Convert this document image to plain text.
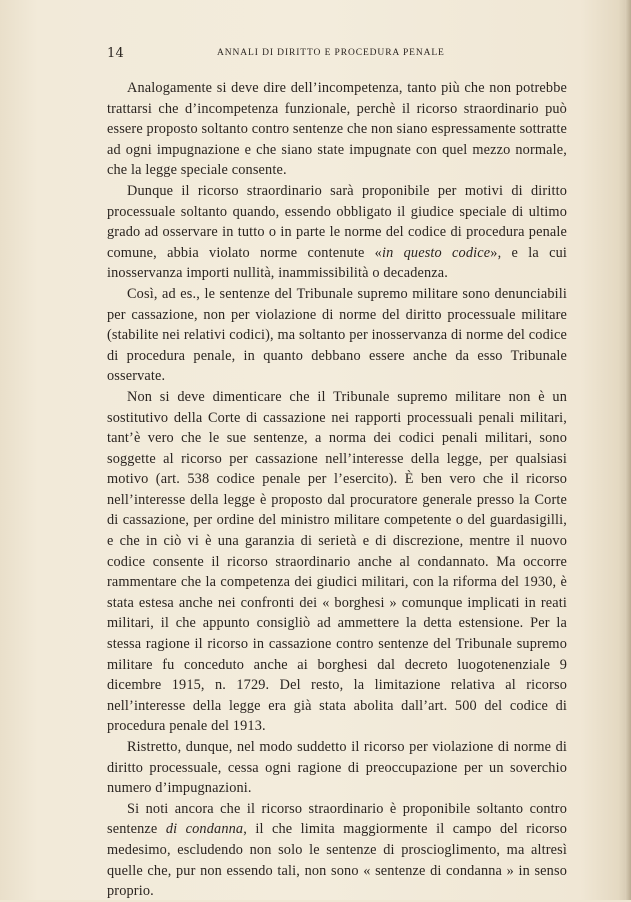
14	ANNALI DI DIRITTO E PROCEDURA PENALE

Analogamente si deve dire dell’incompetenza, tanto più che non potrebbe trattarsi che d’incompetenza funzionale, perchè il ricorso straordinario può essere proposto soltanto contro sentenze che non siano espressamente sottratte ad ogni impugnazione e che siano state impugnate con quel mezzo normale, che la legge speciale consente.

Dunque il ricorso straordinario sarà proponibile per motivi di diritto processuale soltanto quando, essendo obbligato il giudice speciale di ultimo grado ad osservare in tutto o in parte le norme del codice di procedura penale comune, abbia violato norme contenute «in questo codice», e la cui inosservanza importi nullità, inammissibilità o decadenza.

Così, ad es., le sentenze del Tribunale supremo militare sono denunciabili per cassazione, non per violazione di norme del diritto processuale militare (stabilite nei relativi codici), ma soltanto per inosservanza di norme del codice di procedura penale, in quanto debbano essere anche da esso Tribunale osservate.

Non si deve dimenticare che il Tribunale supremo militare non è un sostitutivo della Corte di cassazione nei rapporti processuali penali militari, tant’è vero che le sue sentenze, a norma dei codici penali militari, sono soggette al ricorso per cassazione nell’interesse della legge, per qualsiasi motivo (art. 538 codice penale per l’esercito). È ben vero che il ricorso nell’interesse della legge è proposto dal procuratore generale presso la Corte di cassazione, per ordine del ministro militare competente o del guardasigilli, e che in ciò vi è una garanzia di serietà e di discrezione, mentre il nuovo codice consente il ricorso straordinario anche al condannato. Ma occorre rammentare che la competenza dei giudici militari, con la riforma del 1930, è stata estesa anche nei confronti dei « borghesi » comunque implicati in reati militari, il che appunto consigliò ad ammettere la detta estensione. Per la stessa ragione il ricorso in cassazione contro sentenze del Tribunale supremo militare fu conceduto anche ai borghesi dal decreto luogotenenziale 9 dicembre 1915, n. 1729. Del resto, la limitazione relativa al ricorso nell’interesse della legge era già stata abolita dall’art. 500 del codice di procedura penale del 1913.

Ristretto, dunque, nel modo suddetto il ricorso per violazione di norme di diritto processuale, cessa ogni ragione di preoccupazione per un soverchio numero d’impugnazioni.

Si noti ancora che il ricorso straordinario è proponibile soltanto contro sentenze di condanna, il che limita maggiormente il campo del ricorso medesimo, escludendo non solo le sentenze di proscioglimento, ma altresì quelle che, pur non essendo tali, non sono « sentenze di condanna » in senso proprio.
